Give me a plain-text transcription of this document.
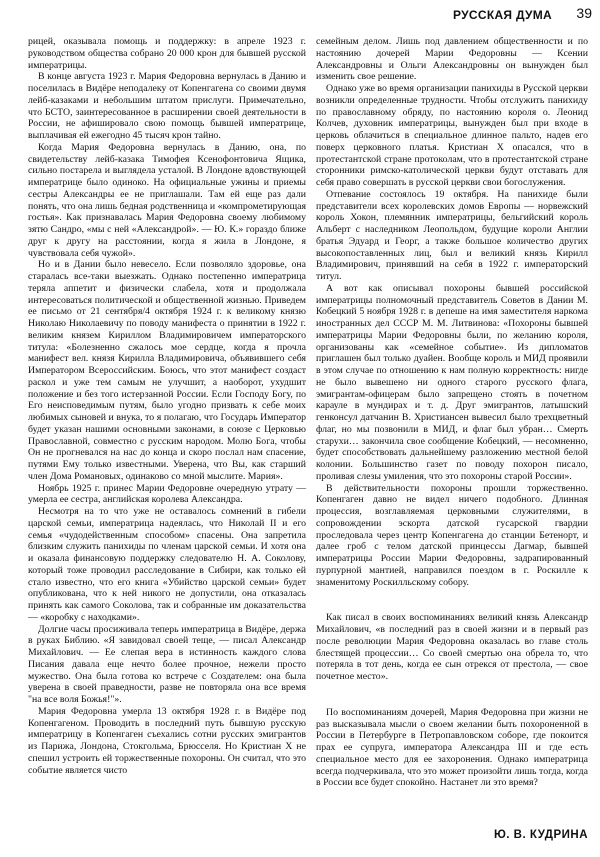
РУССКАЯ ДУМА 39

рицей, оказывала помощь и поддержку: в апреле 1923 г. руководством общества собрано 20 000 крон для бывшей русской императрицы.

В конце августа 1923 г. Мария Федоровна вернулась в Данию и поселилась в Видёре неподалеку от Копенгагена со своими двумя лейб-казаками и небольшим штатом прислуги. Примечательно, что БСТО, заинтересованное в расширении своей деятельности в России, не афишировало свою помощь бывшей императрице, выплачивая ей ежегодно 45 тысяч крон тайно.

Когда Мария Федоровна вернулась в Данию, она, по свидетельству лейб-казака Тимофея Ксенофонтовича Ящика, сильно постарела и выглядела усталой. В Лондоне вдовствующей императрице было одиноко. На официальные ужины и приемы сестры Александры ее не приглашали. Там ей еще раз дали понять, что она лишь бедная родственница и «компрометирующая гостья». Как признавалась Мария Федоровна своему любимому зятю Сандро, «мы с ней «Александрой». — Ю. К.» гораздо ближе друг к другу на расстоянии, когда я жила в Лондоне, я чувствовала себя чужой».

Но и в Дании было невесело. Если позволяло здоровье, она старалась все-таки выезжать. Однако постепенно императрица теряла аппетит и физически слабела, хотя и продолжала интересоваться политической и общественной жизнью. Приведем ее письмо от 21 сентября/4 октября 1924 г. к великому князю Николаю Николаевичу по поводу манифеста о принятии в 1922 г. великим князем Кириллом Владимировичем императорского титула: «Болезненно сжалось мое сердце, когда я прочла манифест вел. князя Кирилла Владимировича, объявившего себя Императором Всероссийским. Боюсь, что этот манифест создаст раскол и уже тем самым не улучшит, а наоборот, ухудшит положение и без того истерзанной России. Если Господу Богу, по Его неисповедимым путям, было угодно призвать к себе моих любимых сыновей и внука, то я полагаю, что Государь Император будет указан нашими основными законами, в союзе с Церковью Православной, совместно с русским народом. Молю Бога, чтобы Он не прогневался на нас до конца и скоро послал нам спасение, путями Ему только известными. Уверена, что Вы, как старший член Дома Романовых, одинаково со мной мыслите. Мария».

Ноябрь 1925 г. принес Марии Федоровне очередную утрату — умерла ее сестра, английская королева Александра.

Несмотря на то что уже не оставалось сомнений в гибели царской семьи, императрица надеялась, что Николай II и его семья «чудодейственным способом» спасены. Она запретила близким служить панихиды по членам царской семьи. И хотя она и оказала финансовую поддержку следователю Н. А. Соколову, который тоже проводил расследование в Сибири, как только ей стало известно, что его книга «Убийство царской семьи» будет опубликована, что к ней никого не допустили, она отказалась принять как самого Соколова, так и собранные им доказательства — «коробку с находками».

Долгие часы просиживала теперь императрица в Видёре, держа в руках Библию. «Я завидовал своей теще, — писал Александр Михайлович. — Ее слепая вера в истинность каждого слова Писания давала еще нечто более прочное, нежели просто мужество. Она была готова ко встрече с Создателем: она была уверена в своей праведности, разве не повторяла она все время "на все воля Божья!"».

Мария Федоровна умерла 13 октября 1928 г. в Видёре под Копенгагеном. Проводить в последний путь бывшую русскую императрицу в Копенгаген съехались сотни русских эмигрантов из Парижа, Лондона, Стокгольма, Брюсселя. Но Кристиан X не спешил устроить ей торжественные похороны. Он считал, что это событие является чисто

семейным делом. Лишь под давлением общественности и по настоянию дочерей Марии Федоровны — Ксении Александровны и Ольги Александровны он вынужден был изменить свое решение.

Однако уже во время организации панихиды в Русской церкви возникли определенные трудности. Чтобы отслужить панихиду по православному обряду, по настоянию короля о. Леонид Колчев, духовник императрицы, вынужден был при входе в церковь облачиться в специальное длинное пальто, надев его поверх церковного платья. Кристиан X опасался, что в протестантской стране протоколам, что в протестантской стране сторонники римско-католической церкви будут отставать для себя право совершать в русской церкви свои богослужения.

Отпевание состоялось 19 октября. На панихиде были представители всех королевских домов Европы — норвежский король Хокон, племянник императрицы, бельгийский король Альберт с наследником Леопольдом, будущие короли Англии братья Эдуард и Георг, а также большое количество других высокопоставленных лиц, был и великий князь Кирилл Владимирович, принявший на себя в 1922 г. императорский титул.

А вот как описывал похороны бывшей российской императрицы полномочный представитель Советов в Дании М. Кобецкий 5 ноября 1928 г. в депеше на имя заместителя наркома иностранных дел СССР М. М. Литвинова: «Похороны бывшей императрицы Марии Федоровны были, по желанию короля, организованы как «семейное событие». Из дипломатов приглашен был только дуайен. Вообще король и МИД проявили в этом случае по отношению к нам полную корректность: нигде не было вывешено ни одного старого русского флага, эмигрантам-офицерам было запрещено стоять в почетном карауле в мундирах и т. д. Друг эмигрантов, латышский генконсул датчанин В. Христиансен вывесил было трехцветный флаг, но мы позвонили в МИД, и флаг был убран… Смерть старухи… закончила свое сообщение Кобецкий, — несомненно, будет способствовать дальнейшему разложению местной белой колонии. Большинство газет по поводу похорон писало, проливая слезы умиления, что это похороны старой России».

В действительности похороны прошли торжественно. Копенгаген давно не видел ничего подобного. Длинная процессия, возглавляемая церковными служителями, в сопровождении эскорта датской гусарской гвардии проследовала через центр Копенгагена до станции Бетенорт, и далее гроб с телом датской принцессы Дагмар, бывшей императрицы России Марии Федоровны, задрапированный пурпурной мантией, направился поездом в г. Роскилле к знаменитому Роскилльскому собору.

Как писал в своих воспоминаниях великий князь Александр Михайлович, «в последний раз в своей жизни и в первый раз после революции Мария Федоровна оказалась во главе столь блестящей процессии… Со своей смертью она обрела то, что потеряла в тот день, когда ее сын отрекся от престола, — свое почетное место».

По воспоминаниям дочерей, Мария Федоровна при жизни не раз высказывала мысли о своем желании быть похороненной в России в Петербурге в Петропавловском соборе, где покоится прах ее супруга, императора Александра III и где есть специальное место для ее захоронения. Однако императрица всегда подчеркивала, что это может произойти лишь тогда, когда в России все будет спокойно. Настанет ли это время?

Ю. В. КУДРИНА
